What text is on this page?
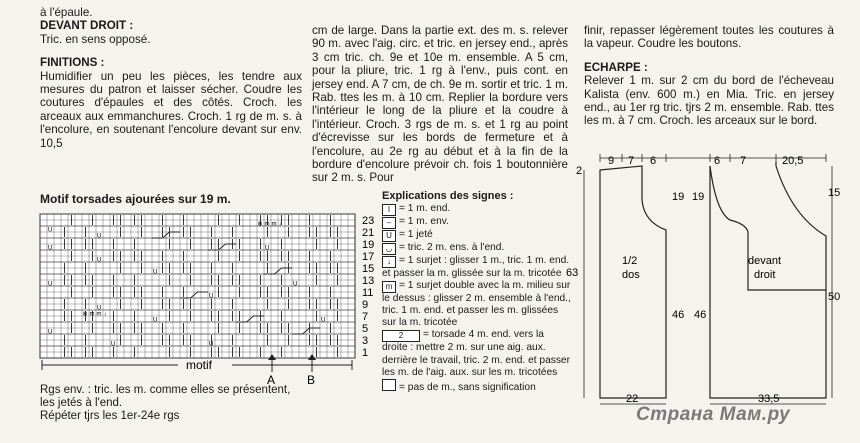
à l'épaule.

DEVANT DROIT :

Tric. en sens opposé.

FINITIONS :

Humidifier un peu les pièces, les tendre aux mesures du patron et laisser sécher. Coudre les coutures d'épaules et des côtés. Croch. les arceaux aux emmanchures. Croch. 1 rg de m. s. à l'encolure, en soutenant l'encolure devant sur env. 10,5

cm de large. Dans la partie ext. des m. s. relever 90 m. avec l'aig. circ. et tric. en jersey end., après 3 cm tric. ch. 9e et 10e m. ensemble. A 5 cm, pour la pliure, tric. 1 rg à l'env., puis cont. en jersey end. A 7 cm, de ch. 9e m. sortir et tric. 1 m. Rab. ttes les m. à 10 cm. Replier la bordure vers l'intérieur le long de la pliure et la coudre à l'intérieur. Croch. 3 rgs de m. s. et 1 rg au point d'écrevisse sur les bords de fermeture et à l'encolure, au 2e rg au début et à la fin de la bordure d'encolure prévoir ch. fois 1 boutonnière sur 2 m. s. Pour

finir, repasser légèrement toutes les coutures à la vapeur. Coudre les boutons.

ECHARPE :

Relever 1 m. sur 2 cm du bord de l'écheveau Kalista (env. 600 m.) en Mia. Tric. en jersey end., au 1er rg tric. tjrs 2 m. ensemble. Rab. ttes les m. à 7 cm. Croch. les arceaux sur le bord.

Motif torsades ajourées sur 19 m.
U
U
U
U
U
U
U
U
U
U
U
U
U
U
U
⊗ m m ↓
⊗ m m ↓
23
21
19
17
15
13
11
9
7
5
3
1
motif
A	B
Explications des signes :
I = 1 m. end.
– = 1 m. env.
U = 1 jeté
◡ = tric. 2 m. ens. à l'end.
↓ = 1 surjet : glisser 1 m., tric. 1 m. end. et passer la m. glissée sur la m. tricotée
m = 1 surjet double avec la m. milieu sur le dessus : glisser 2 m. ensemble à l'end., tric. 1 m. end. et passer les m. glissées sur la m. tricotée
2 = torsade 4 m. end. vers la droite : mettre 2 m. sur une aig. aux. derrière le travail, tric. 2 m. end. et passer les m. de l'aig. aux. sur les m. tricotées
= pas de m., sans signification

Rgs env. : tric. les m. comme elles se présentent, les jetés à l'end.

Répéter tjrs les 1er-24e rgs

9 7 6	6 7	20,5
2
19 19	15
63
46 46
50
22	33,5
1/2
dos
devant
droit
Страна Мам.ру
